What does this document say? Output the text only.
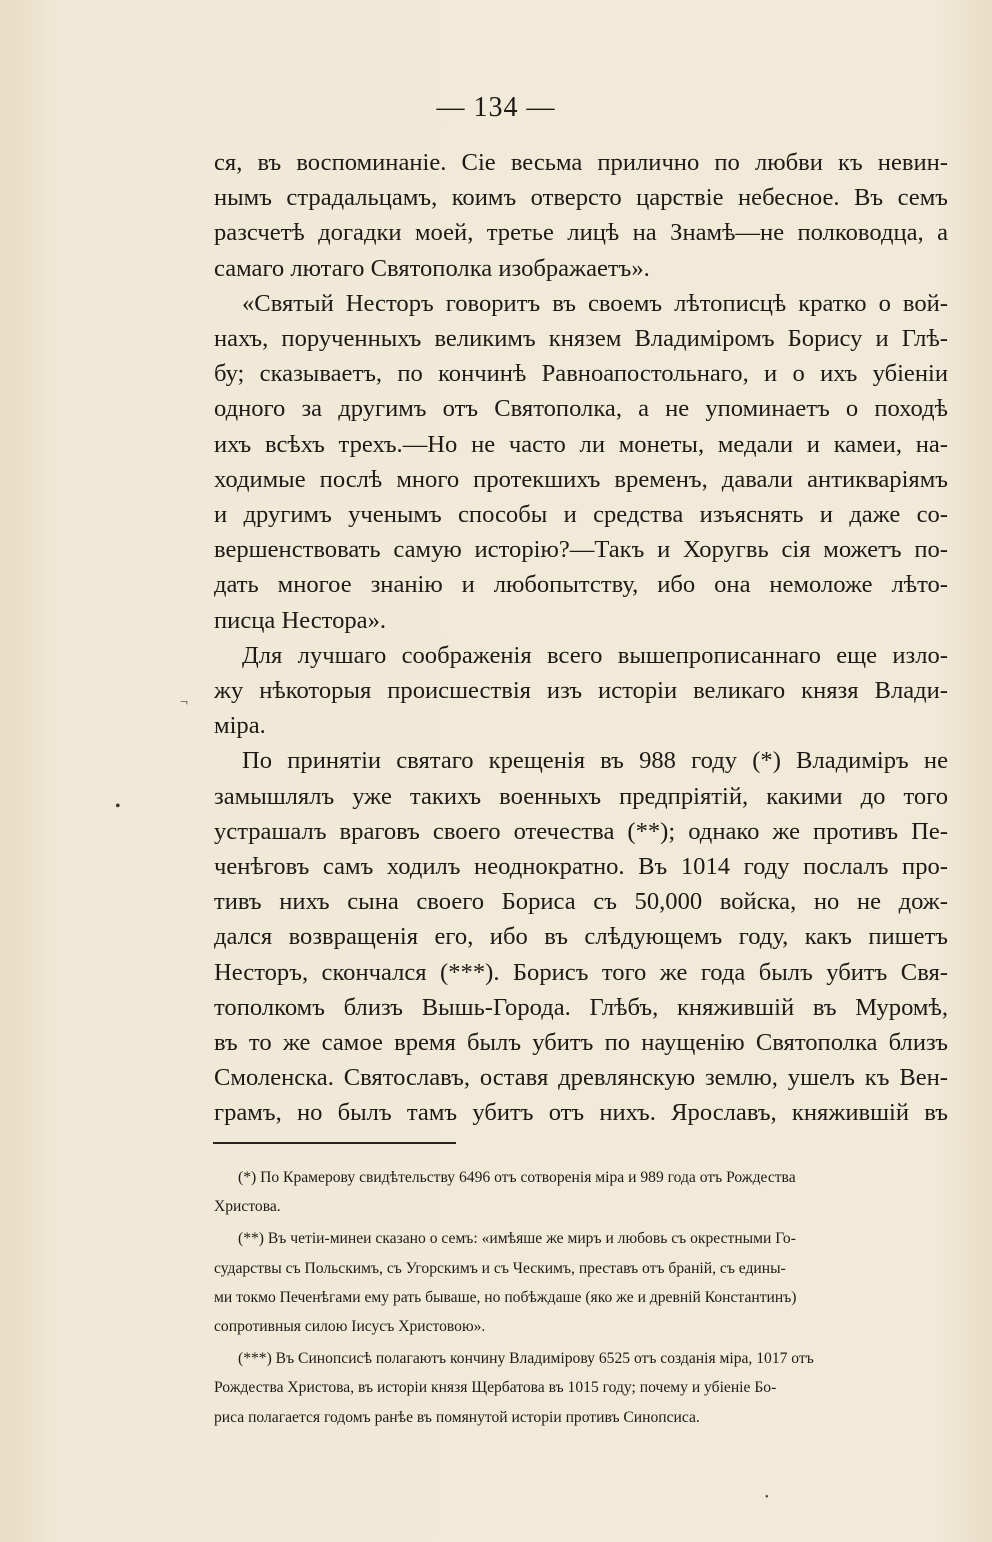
— 134 —

ся, въ воспоминаніе. Сіе весьма прилично по любви къ невин-

нымъ страдальцамъ, коимъ отверсто царствіе небесное. Въ семъ

разсчетѣ догадки моей, третье лицѣ на Знамѣ—не полководца, а

самаго лютаго Святополка изображаетъ».

«Святый Несторъ говоритъ въ своемъ лѣтописцѣ кратко о вой-

нахъ, порученныхъ великимъ князем Владиміромъ Борису и Глѣ-

бу; сказываетъ, по кончинѣ Равноапостольнаго, и о ихъ убіеніи

одного за другимъ отъ Святополка, а не упоминаетъ о походѣ

ихъ всѣхъ трехъ.—Но не часто ли монеты, медали и камеи, на-

ходимые послѣ много протекшихъ временъ, давали антикваріямъ

и другимъ ученымъ способы и средства изъяснять и даже со-

вершенствовать самую исторію?—Такъ и Хоругвь сія можетъ по-

дать многое знанію и любопытству, ибо она немоложе лѣто-

писца Нестора».

Для лучшаго соображенія всего вышепрописаннаго еще изло-

жу нѣкоторыя происшествія изъ исторіи великаго князя Влади-

міра.

По принятіи святаго крещенія въ 988 году (*) Владиміръ не

замышлялъ уже такихъ военныхъ предпріятій, какими до того

устрашалъ враговъ своего отечества (**); однако же противъ Пе-

ченѣговъ самъ ходилъ неоднократно. Въ 1014 году послалъ про-

тивъ нихъ сына своего Бориса съ 50,000 войска, но не дож-

дался возвращенія его, ибо въ слѣдующемъ году, какъ пишетъ

Несторъ, скончался (***). Борисъ того же года былъ убитъ Свя-

тополкомъ близъ Вышь-Города. Глѣбъ, княжившій въ Муромѣ,

въ то же самое время былъ убитъ по наущенію Святополка близъ

Смоленска. Святославъ, оставя древлянскую землю, ушелъ къ Вен-

грамъ, но былъ тамъ убитъ отъ нихъ. Ярославъ, княжившій въ

(*) По Крамерову свидѣтельству 6496 отъ сотворенія міра и 989 года отъ Рождества
Христова.

(**) Въ четіи-минеи сказано о семъ: «имѣяше же миръ и любовь съ окрестными Го-
сударствы съ Польскимъ, съ Угорскимъ и съ Ческимъ, преставъ отъ браній, съ едины-
ми токмо Печенѣгами ему рать бываше, но побѣждаше (яко же и древній Константинъ)
сопротивныя силою Іисусъ Христовою».

(***) Въ Синопсисѣ полагаютъ кончину Владимірову 6525 отъ созданія міра, 1017 отъ
Рождества Христова, въ исторіи князя Щербатова въ 1015 году; почему и убіеніе Бо-
риса полагается годомъ ранѣе въ помянутой исторіи противъ Синопсиса.

¬
•
•
